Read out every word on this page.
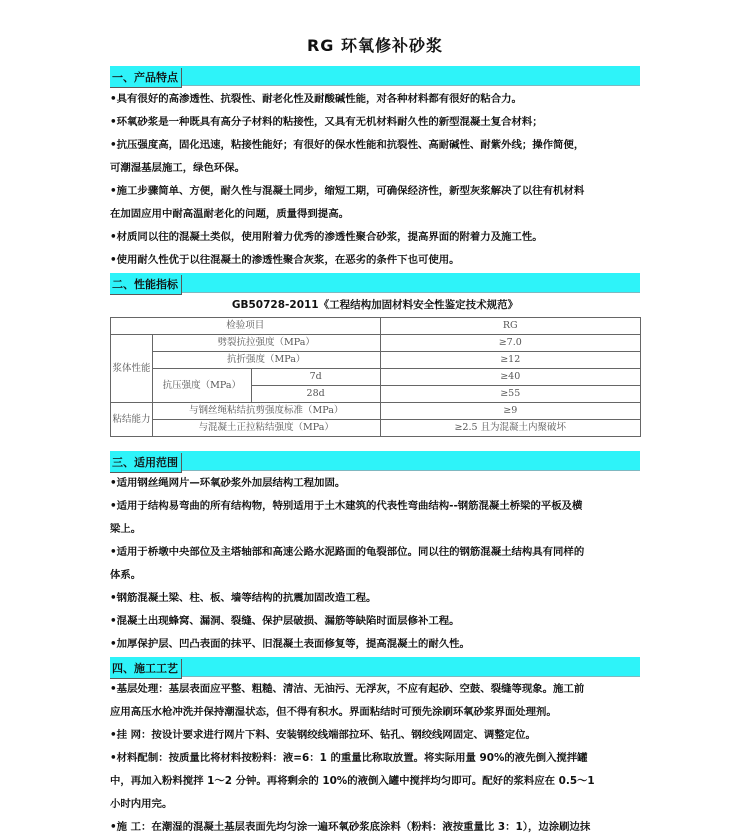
RG 环氧修补砂浆
一、产品特点

•具有很好的高渗透性、抗裂性、耐老化性及耐酸碱性能，对各种材料都有很好的粘合力。

•环氧砂浆是一种既具有高分子材料的粘接性，又具有无机材料耐久性的新型混凝土复合材料；

•抗压强度高，固化迅速，粘接性能好；有很好的保水性能和抗裂性、高耐碱性、耐紫外线；操作简便，

可潮湿基层施工，绿色环保。

•施工步骤简单、方便，耐久性与混凝土同步，缩短工期，可确保经济性，新型灰浆解决了以往有机材料

在加固应用中耐高温耐老化的问题，质量得到提高。

•材质同以往的混凝土类似，使用附着力优秀的渗透性聚合砂浆，提高界面的附着力及施工性。

•使用耐久性优于以往混凝土的渗透性聚合灰浆，在恶劣的条件下也可使用。

二、性能指标
GB50728-2011《工程结构加固材料安全性鉴定技术规范》
检验项目			RG
浆体性能	劈裂抗拉强度（MPa）		≥7.0
	抗折强度（MPa）		≥12
	抗压强度（MPa）	7d	≥40
		28d	≥55
粘结能力	与钢丝绳粘结抗剪强度标准（MPa）		≥9
	与混凝土正拉粘结强度（MPa）		≥2.5 且为混凝土内聚破坏
三、适用范围

•适用钢丝绳网片—环氧砂浆外加层结构工程加固。

•适用于结构易弯曲的所有结构物，特别适用于土木建筑的代表性弯曲结构--钢筋混凝土桥梁的平板及横

梁上。

•适用于桥墩中央部位及主塔轴部和高速公路水泥路面的龟裂部位。同以往的钢筋混凝土结构具有同样的

体系。

•钢筋混凝土梁、柱、板、墙等结构的抗震加固改造工程。

•混凝土出现蜂窝、漏洞、裂缝、保护层破损、漏筋等缺陷时面层修补工程。

•加厚保护层、凹凸表面的抹平、旧混凝土表面修复等，提高混凝土的耐久性。

四、施工工艺

•基层处理：基层表面应平整、粗糙、清洁、无油污、无浮灰，不应有起砂、空鼓、裂缝等现象。施工前

应用高压水枪冲洗并保持潮湿状态，但不得有积水。界面粘结时可预先涂刷环氧砂浆界面处理剂。

•挂 网：按设计要求进行网片下料、安装钢绞线端部拉环、钻孔、钢绞线网固定、调整定位。

•材料配制：按质量比将材料按粉料：液=6：1 的重量比称取放置。将实际用量 90%的液先倒入搅拌罐

中，再加入粉料搅拌 1～2 分钟。再将剩余的 10%的液倒入罐中搅拌均匀即可。配好的浆料应在 0.5～1

小时内用完。

•施 工：在潮湿的混凝土基层表面先均匀涂一遍环氧砂浆底涂料（粉料：液按重量比 3：1），边涂刷边抹
